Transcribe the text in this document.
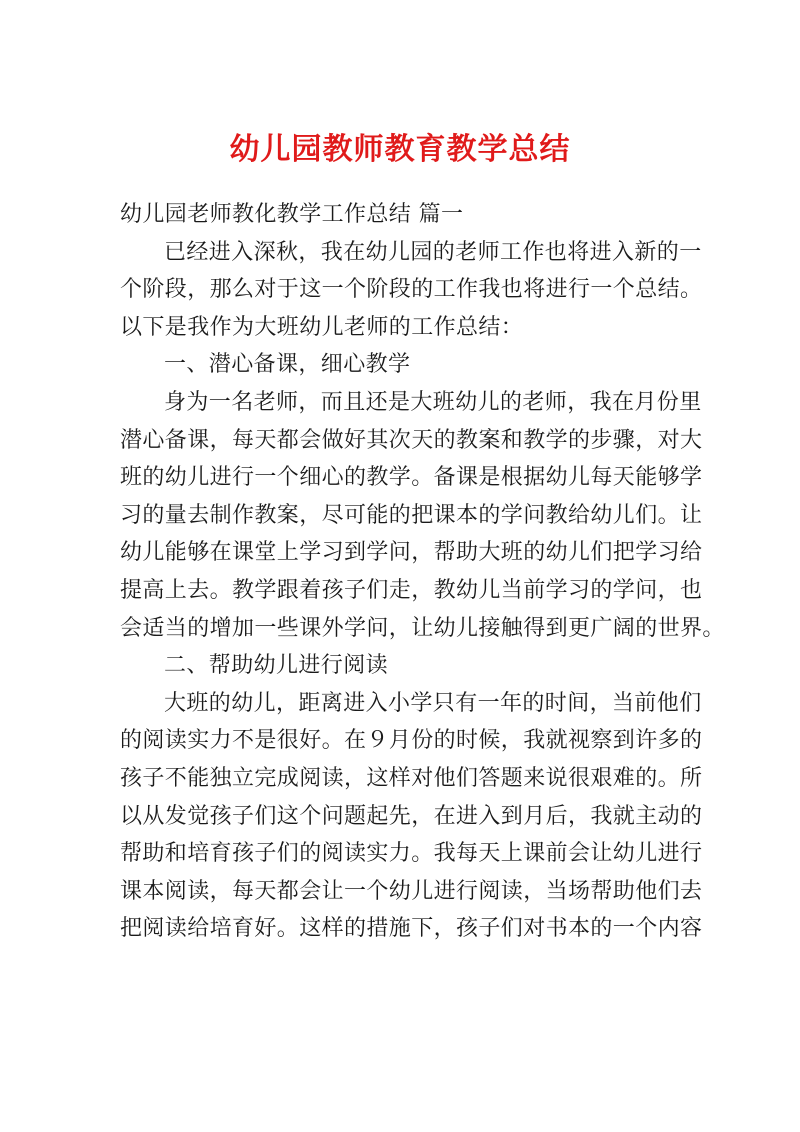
幼儿园教师教育教学总结
幼儿园老师教化教学工作总结 篇一
已经进入深秋，我在幼儿园的老师工作也将进入新的一
个阶段，那么对于这一个阶段的工作我也将进行一个总结。
以下是我作为大班幼儿老师的工作总结：
一、潜心备课，细心教学
身为一名老师，而且还是大班幼儿的老师，我在月份里
潜心备课，每天都会做好其次天的教案和教学的步骤，对大
班的幼儿进行一个细心的教学。备课是根据幼儿每天能够学
习的量去制作教案，尽可能的把课本的学问教给幼儿们。让
幼儿能够在课堂上学习到学问，帮助大班的幼儿们把学习给
提高上去。教学跟着孩子们走，教幼儿当前学习的学问，也
会适当的增加一些课外学问，让幼儿接触得到更广阔的世界。
二、帮助幼儿进行阅读
大班的幼儿，距离进入小学只有一年的时间，当前他们
的阅读实力不是很好。在９月份的时候，我就视察到许多的
孩子不能独立完成阅读，这样对他们答题来说很艰难的。所
以从发觉孩子们这个问题起先，在进入到月后，我就主动的
帮助和培育孩子们的阅读实力。我每天上课前会让幼儿进行
课本阅读，每天都会让一个幼儿进行阅读，当场帮助他们去
把阅读给培育好。这样的措施下，孩子们对书本的一个内容
